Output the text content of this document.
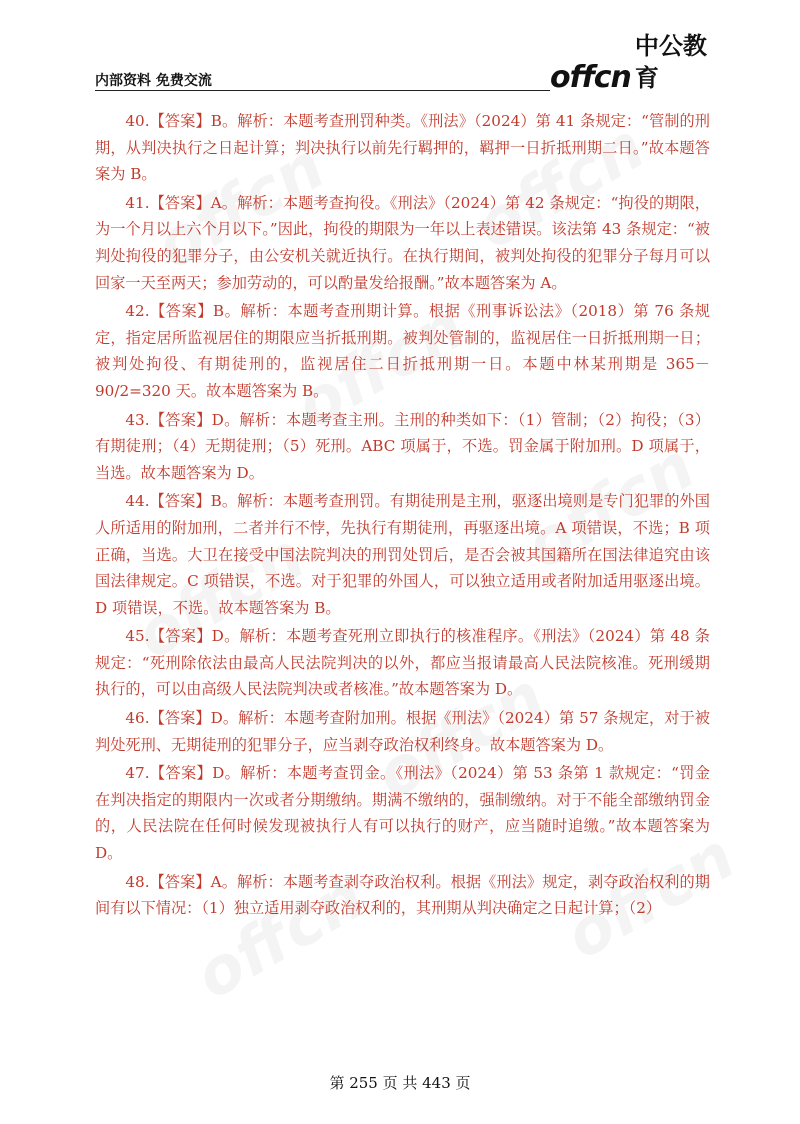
内部资料 免费交流	offcn
中公教育

40.【答案】B。解析：本题考查刑罚种类。《刑法》（2024）第 41 条规定：“管制的刑期，从判决执行之日起计算；判决执行以前先行羁押的，羁押一日折抵刑期二日。”故本题答案为 B。

41.【答案】A。解析：本题考查拘役。《刑法》（2024）第 42 条规定：“拘役的期限，为一个月以上六个月以下。”因此，拘役的期限为一年以上表述错误。该法第 43 条规定：“被判处拘役的犯罪分子，由公安机关就近执行。在执行期间，被判处拘役的犯罪分子每月可以回家一天至两天；参加劳动的，可以酌量发给报酬。”故本题答案为 A。

42.【答案】B。解析：本题考查刑期计算。根据《刑事诉讼法》（2018）第 76 条规定，指定居所监视居住的期限应当折抵刑期。被判处管制的，监视居住一日折抵刑期一日；被判处拘役、有期徒刑的，监视居住二日折抵刑期一日。本题中林某刑期是 365－90/2=320 天。故本题答案为 B。

43.【答案】D。解析：本题考查主刑。主刑的种类如下：（1）管制；（2）拘役；（3）有期徒刑；（4）无期徒刑；（5）死刑。ABC 项属于，不选。罚金属于附加刑。D 项属于，当选。故本题答案为 D。

44.【答案】B。解析：本题考查刑罚。有期徒刑是主刑，驱逐出境则是专门犯罪的外国人所适用的附加刑，二者并行不悖，先执行有期徒刑，再驱逐出境。A 项错误，不选；B 项正确，当选。大卫在接受中国法院判决的刑罚处罚后，是否会被其国籍所在国法律追究由该国法律规定。C 项错误，不选。对于犯罪的外国人，可以独立适用或者附加适用驱逐出境。D 项错误，不选。故本题答案为 B。

45.【答案】D。解析：本题考查死刑立即执行的核准程序。《刑法》（2024）第 48 条规定：“死刑除依法由最高人民法院判决的以外，都应当报请最高人民法院核准。死刑缓期执行的，可以由高级人民法院判决或者核准。”故本题答案为 D。

46.【答案】D。解析：本题考查附加刑。根据《刑法》（2024）第 57 条规定，对于被判处死刑、无期徒刑的犯罪分子，应当剥夺政治权利终身。故本题答案为 D。

47.【答案】D。解析：本题考查罚金。《刑法》（2024）第 53 条第 1 款规定：“罚金在判决指定的期限内一次或者分期缴纳。期满不缴纳的，强制缴纳。对于不能全部缴纳罚金的，人民法院在任何时候发现被执行人有可以执行的财产，应当随时追缴。”故本题答案为 D。

48.【答案】A。解析：本题考查剥夺政治权利。根据《刑法》规定，剥夺政治权利的期间有以下情况：（1）独立适用剥夺政治权利的，其刑期从判决确定之日起计算；（2）

第 255 页 共 443 页
